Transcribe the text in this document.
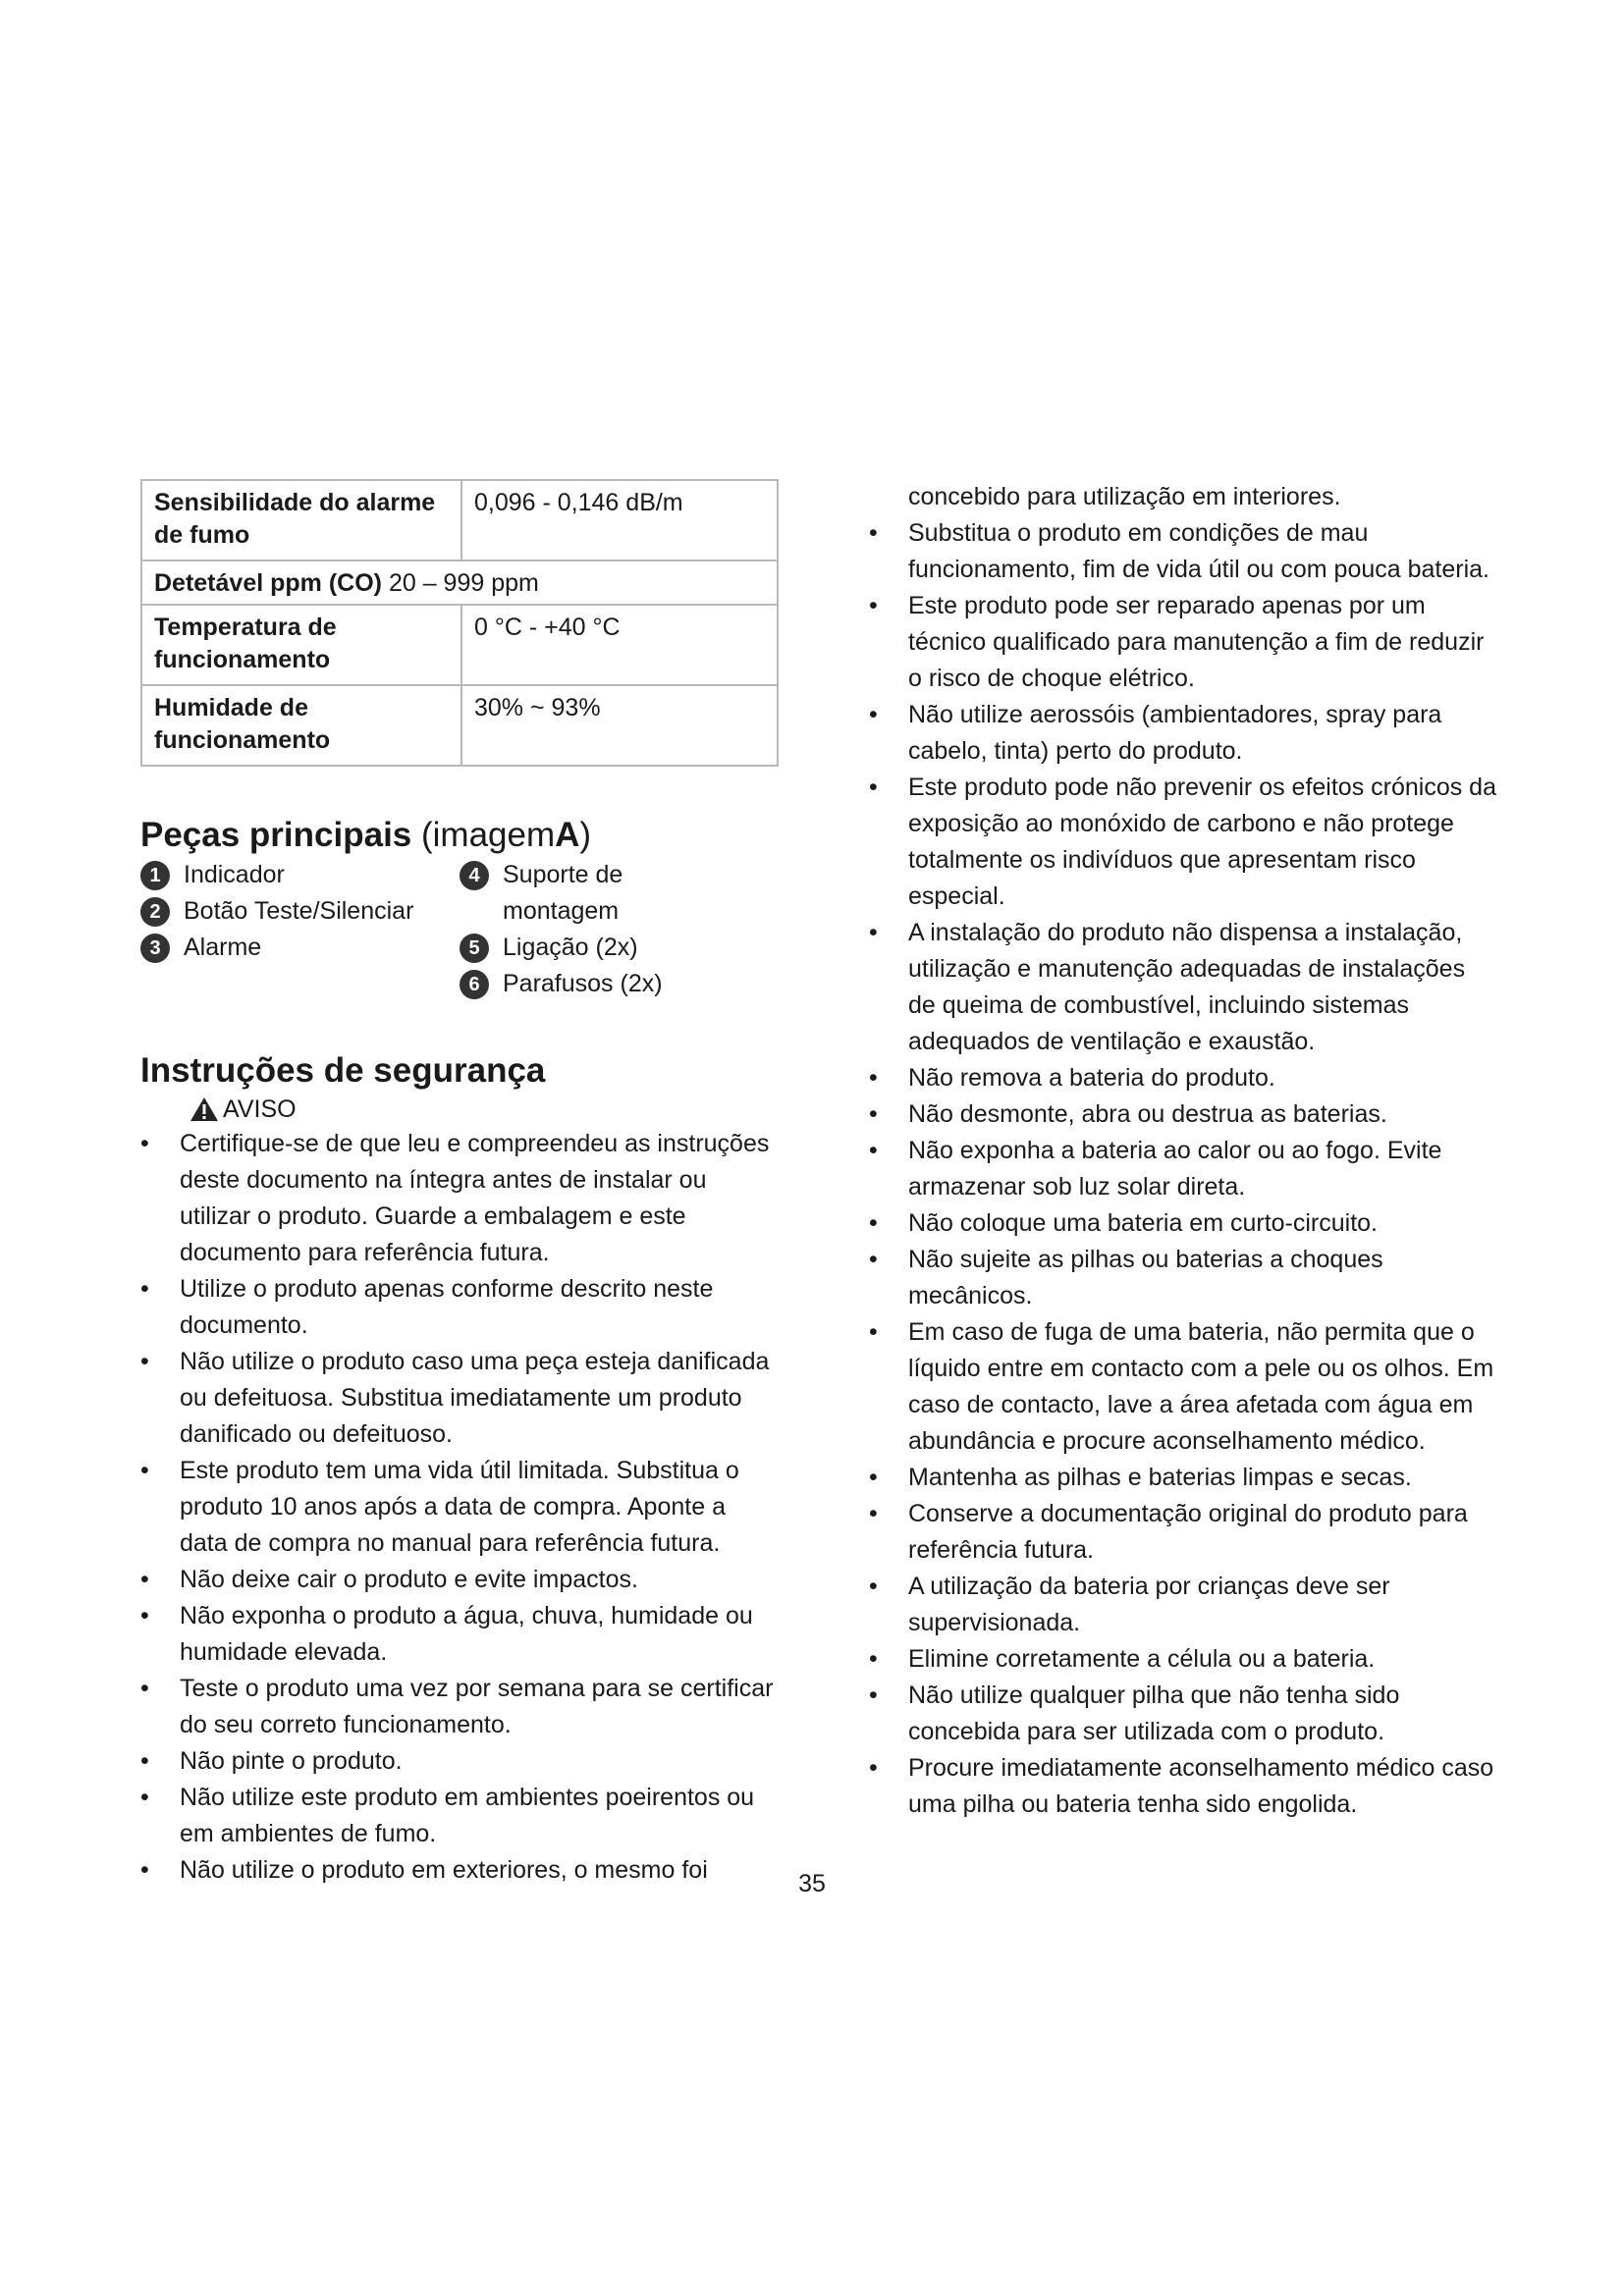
Sensibilidade do alarme de fumo	0,096 - 0,146 dB/m
Detetável ppm (CO) 20 – 999 ppm	
Temperatura de funcionamento	0 °C - +40 °C
Humidade de funcionamento	30% ~ 93%
Peças principais (imagemA)
1 Indicador
2 Botão Teste/Silenciar
3 Alarme
4 Suporte de montagem
5 Ligação (2x)
6 Parafusos (2x)
Instruções de segurança
AVISO
• Certifique-se de que leu e compreendeu as instruções deste documento na íntegra antes de instalar ou utilizar o produto. Guarde a embalagem e este documento para referência futura.
• Utilize o produto apenas conforme descrito neste documento.
• Não utilize o produto caso uma peça esteja danificada ou defeituosa. Substitua imediatamente um produto danificado ou defeituoso.
• Este produto tem uma vida útil limitada. Substitua o produto 10 anos após a data de compra. Aponte a data de compra no manual para referência futura.
• Não deixe cair o produto e evite impactos.
• Não exponha o produto a água, chuva, humidade ou humidade elevada.
• Teste o produto uma vez por semana para se certificar do seu correto funcionamento.
• Não pinte o produto.
• Não utilize este produto em ambientes poeirentos ou em ambientes de fumo.
• Não utilize o produto em exteriores, o mesmo foi
concebido para utilização em interiores.
• Substitua o produto em condições de mau funcionamento, fim de vida útil ou com pouca bateria.
• Este produto pode ser reparado apenas por um técnico qualificado para manutenção a fim de reduzir o risco de choque elétrico.
• Não utilize aerossóis (ambientadores, spray para cabelo, tinta) perto do produto.
• Este produto pode não prevenir os efeitos crónicos da exposição ao monóxido de carbono e não protege totalmente os indivíduos que apresentam risco especial.
• A instalação do produto não dispensa a instalação, utilização e manutenção adequadas de instalações de queima de combustível, incluindo sistemas adequados de ventilação e exaustão.
• Não remova a bateria do produto.
• Não desmonte, abra ou destrua as baterias.
• Não exponha a bateria ao calor ou ao fogo. Evite armazenar sob luz solar direta.
• Não coloque uma bateria em curto-circuito.
• Não sujeite as pilhas ou baterias a choques mecânicos.
• Em caso de fuga de uma bateria, não permita que o líquido entre em contacto com a pele ou os olhos. Em caso de contacto, lave a área afetada com água em abundância e procure aconselhamento médico.
• Mantenha as pilhas e baterias limpas e secas.
• Conserve a documentação original do produto para referência futura.
• A utilização da bateria por crianças deve ser supervisionada.
• Elimine corretamente a célula ou a bateria.
• Não utilize qualquer pilha que não tenha sido concebida para ser utilizada com o produto.
• Procure imediatamente aconselhamento médico caso uma pilha ou bateria tenha sido engolida.
35
